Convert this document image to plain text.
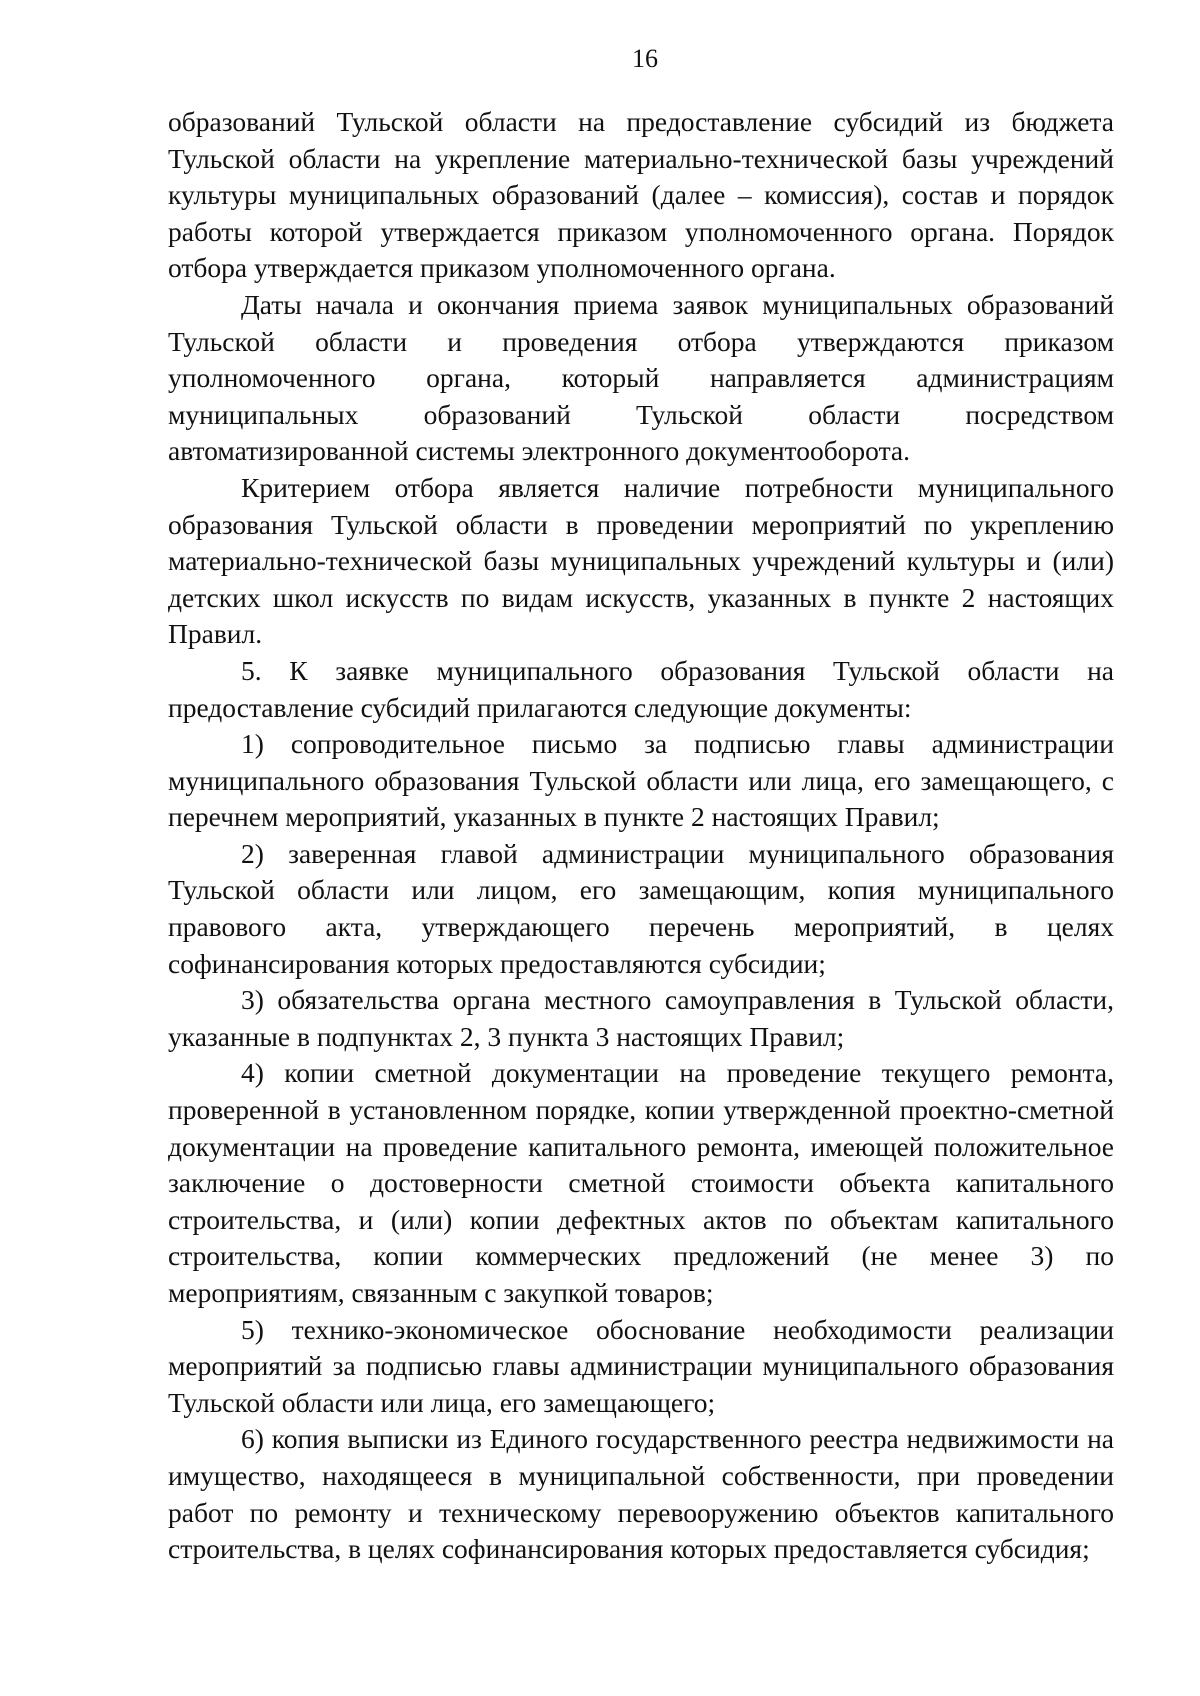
16

образований Тульской области на предоставление субсидий из бюджета Тульской области на укрепление материально-технической базы учреждений культуры муниципальных образований (далее – комиссия), состав и порядок работы которой утверждается приказом уполномоченного органа. Порядок отбора утверждается приказом уполномоченного органа.

Даты начала и окончания приема заявок муниципальных образований Тульской области и проведения отбора утверждаются приказом уполномоченного органа, который направляется администрациям муниципальных образований Тульской области посредством автоматизированной системы электронного документооборота.

Критерием отбора является наличие потребности муниципального образования Тульской области в проведении мероприятий по укреплению материально-технической базы муниципальных учреждений культуры и (или) детских школ искусств по видам искусств, указанных в пункте 2 настоящих Правил.

5. К заявке муниципального образования Тульской области на предоставление субсидий прилагаются следующие документы:

1) сопроводительное письмо за подписью главы администрации муниципального образования Тульской области или лица, его замещающего, с перечнем мероприятий, указанных в пункте 2 настоящих Правил;

2) заверенная главой администрации муниципального образования Тульской области или лицом, его замещающим, копия муниципального правового акта, утверждающего перечень мероприятий, в целях софинансирования которых предоставляются субсидии;

3) обязательства органа местного самоуправления в Тульской области, указанные в подпунктах 2, 3 пункта 3 настоящих Правил;

4) копии сметной документации на проведение текущего ремонта, проверенной в установленном порядке, копии утвержденной проектно-сметной документации на проведение капитального ремонта, имеющей положительное заключение о достоверности сметной стоимости объекта капитального строительства, и (или) копии дефектных актов по объектам капитального строительства, копии коммерческих предложений (не менее 3) по мероприятиям, связанным с закупкой товаров;

5) технико-экономическое обоснование необходимости реализации мероприятий за подписью главы администрации муниципального образования Тульской области или лица, его замещающего;

6) копия выписки из Единого государственного реестра недвижимости на имущество, находящееся в муниципальной собственности, при проведении работ по ремонту и техническому перевооружению объектов капитального строительства, в целях софинансирования которых предоставляется субсидия;
